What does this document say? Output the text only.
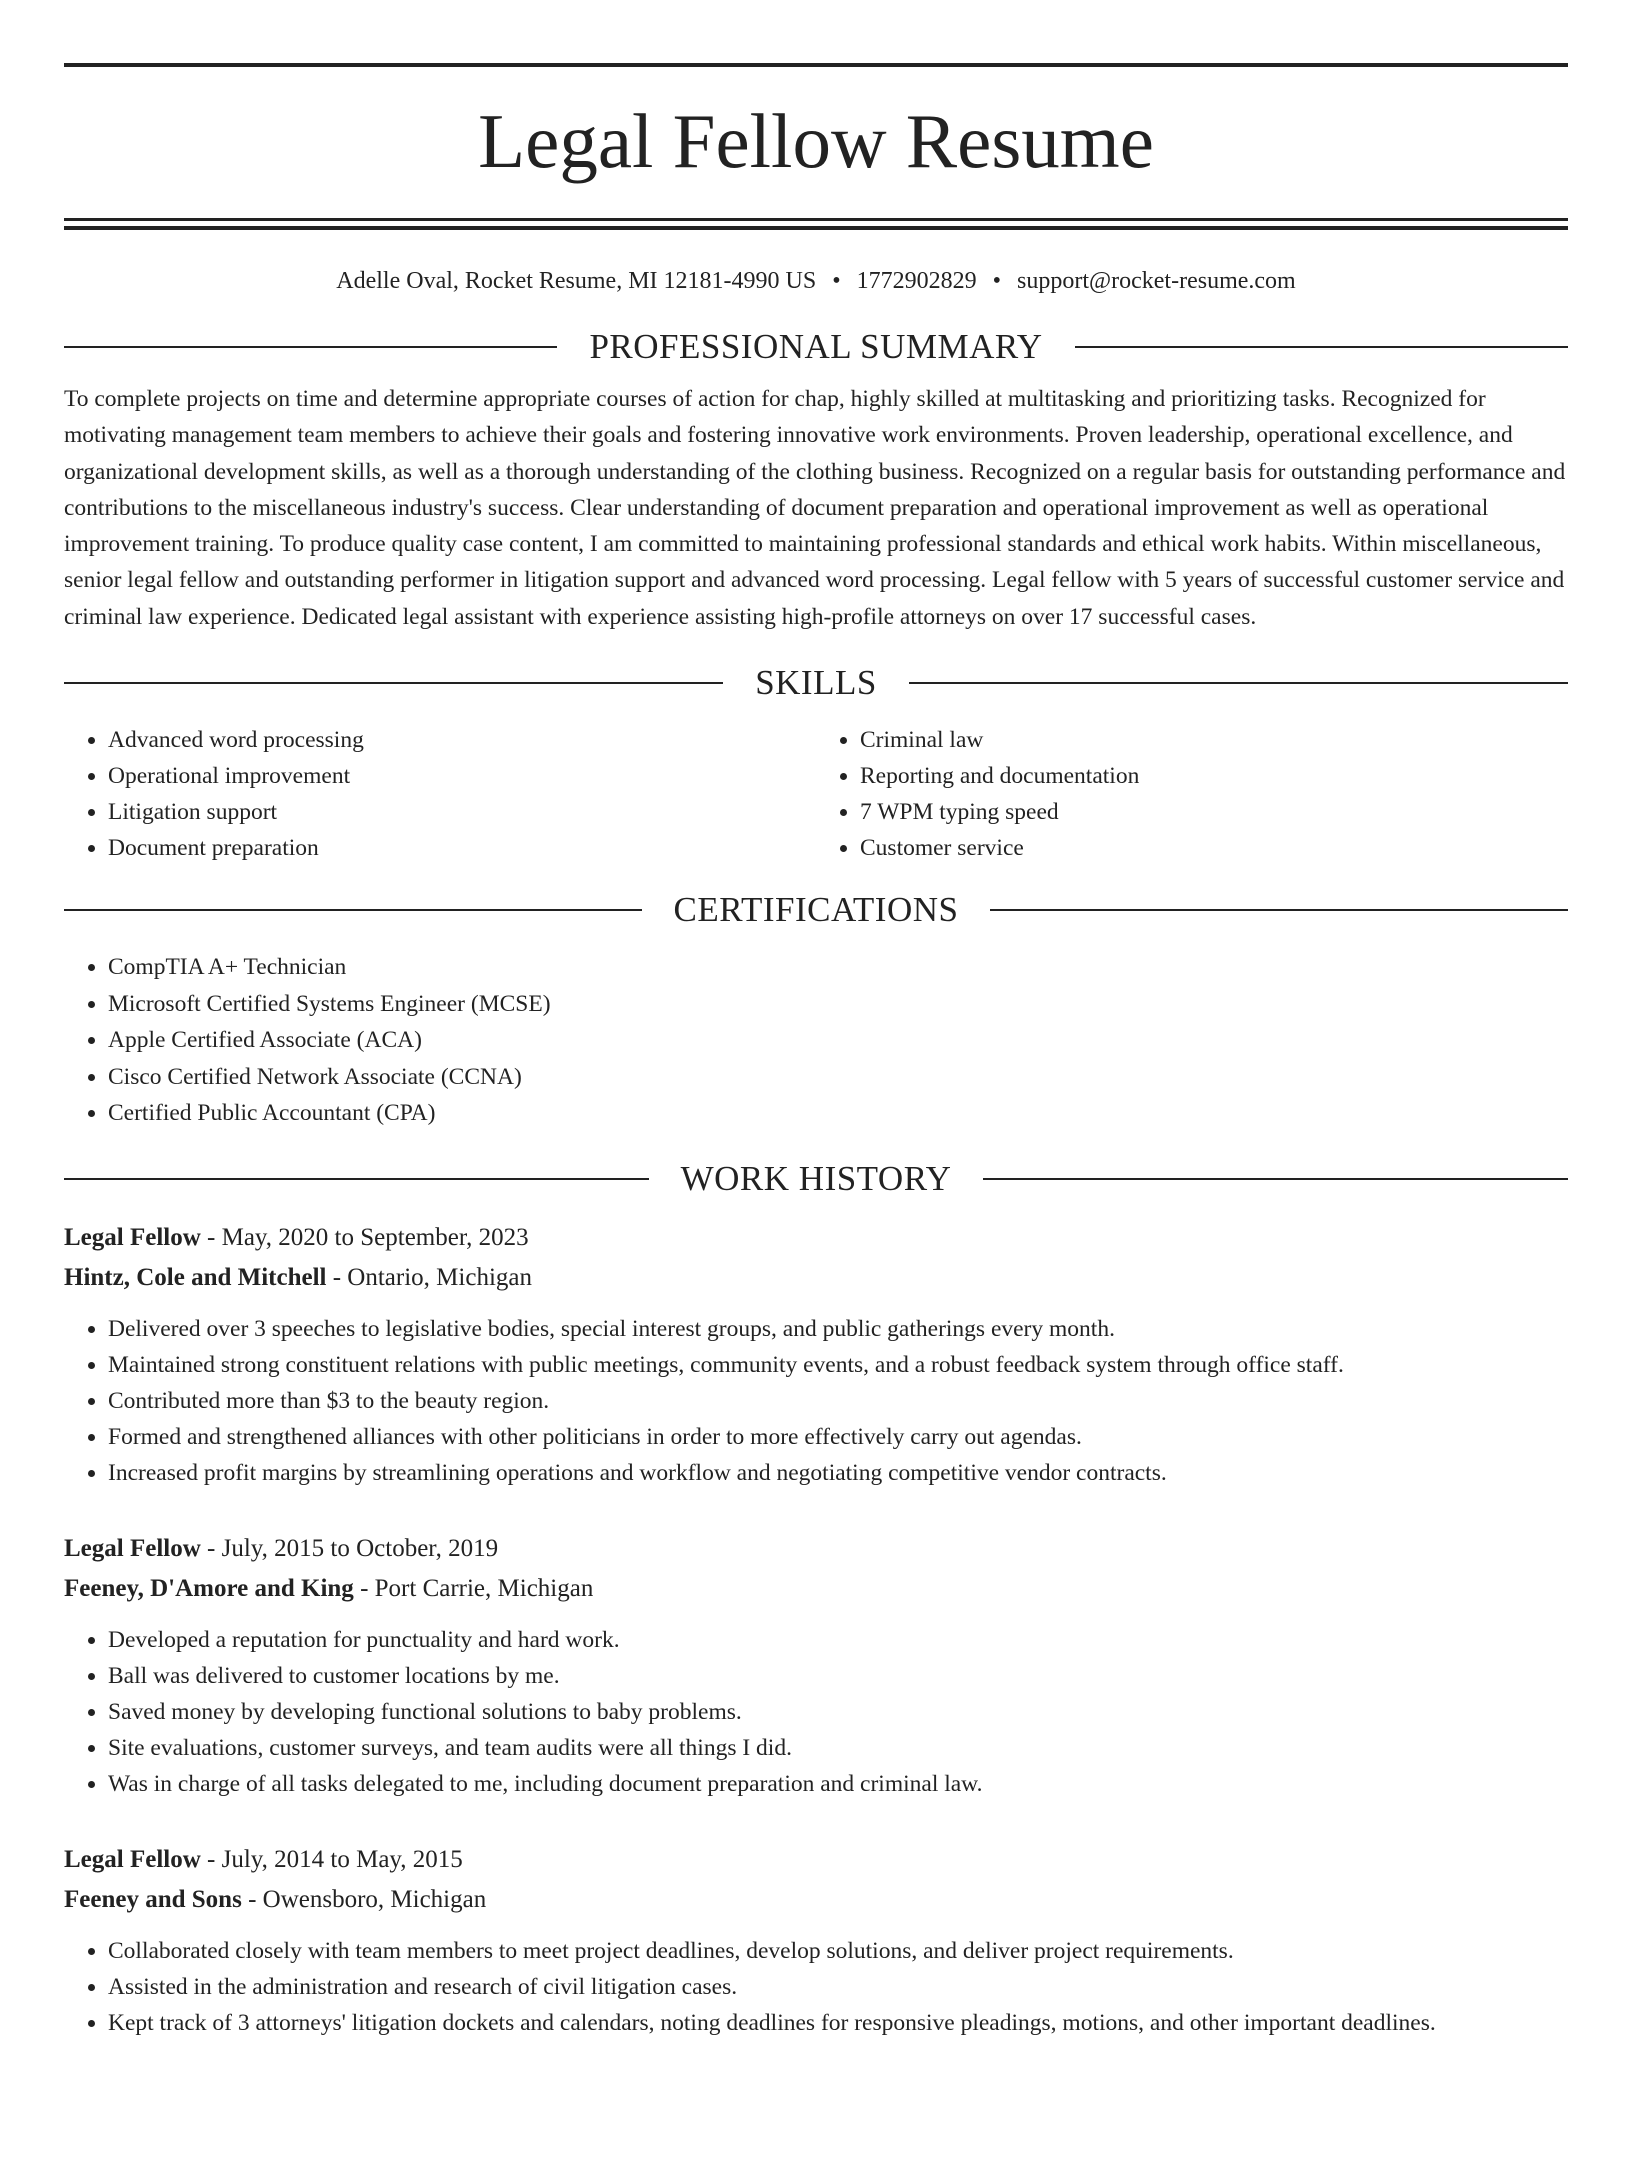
Legal Fellow Resume
Adelle Oval, Rocket Resume, MI 12181-4990 US • 1772902829 • support@rocket-resume.com
PROFESSIONAL SUMMARY

To complete projects on time and determine appropriate courses of action for chap, highly skilled at multitasking and prioritizing tasks. Recognized for motivating management team members to achieve their goals and fostering innovative work environments. Proven leadership, operational excellence, and organizational development skills, as well as a thorough understanding of the clothing business. Recognized on a regular basis for outstanding performance and contributions to the miscellaneous industry's success. Clear understanding of document preparation and operational improvement as well as operational improvement training. To produce quality case content, I am committed to maintaining professional standards and ethical work habits. Within miscellaneous, senior legal fellow and outstanding performer in litigation support and advanced word processing. Legal fellow with 5 years of successful customer service and criminal law experience. Dedicated legal assistant with experience assisting high-profile attorneys on over 17 successful cases.

SKILLS
• Advanced word processing
• Operational improvement
• Litigation support
• Document preparation
• Criminal law
• Reporting and documentation
• 7 WPM typing speed
• Customer service
CERTIFICATIONS
• CompTIA A+ Technician
• Microsoft Certified Systems Engineer (MCSE)
• Apple Certified Associate (ACA)
• Cisco Certified Network Associate (CCNA)
• Certified Public Accountant (CPA)
WORK HISTORY
Legal Fellow - May, 2020 to September, 2023
Hintz, Cole and Mitchell - Ontario, Michigan
• Delivered over 3 speeches to legislative bodies, special interest groups, and public gatherings every month.
• Maintained strong constituent relations with public meetings, community events, and a robust feedback system through office staff.
• Contributed more than $3 to the beauty region.
• Formed and strengthened alliances with other politicians in order to more effectively carry out agendas.
• Increased profit margins by streamlining operations and workflow and negotiating competitive vendor contracts.
Legal Fellow - July, 2015 to October, 2019
Feeney, D'Amore and King - Port Carrie, Michigan
• Developed a reputation for punctuality and hard work.
• Ball was delivered to customer locations by me.
• Saved money by developing functional solutions to baby problems.
• Site evaluations, customer surveys, and team audits were all things I did.
• Was in charge of all tasks delegated to me, including document preparation and criminal law.
Legal Fellow - July, 2014 to May, 2015
Feeney and Sons - Owensboro, Michigan
• Collaborated closely with team members to meet project deadlines, develop solutions, and deliver project requirements.
• Assisted in the administration and research of civil litigation cases.
• Kept track of 3 attorneys' litigation dockets and calendars, noting deadlines for responsive pleadings, motions, and other important deadlines.
